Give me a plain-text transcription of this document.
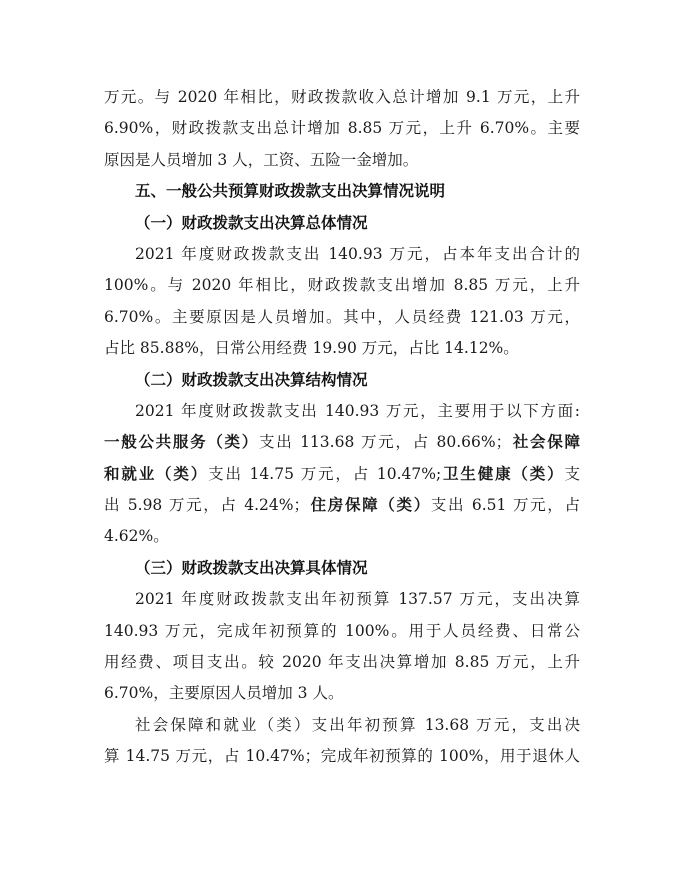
万元。与 2020 年相比，财政拨款收入总计增加 9.1 万元，上升
6.90%，财政拨款支出总计增加 8.85 万元，上升 6.70%。主要
原因是人员增加 3 人，工资、五险一金增加。
五、一般公共预算财政拨款支出决算情况说明
（一）财政拨款支出决算总体情况
2021 年度财政拨款支出 140.93 万元，占本年支出合计的
100%。与 2020 年相比，财政拨款支出增加 8.85 万元，上升
6.70%。主要原因是人员增加。其中，人员经费 121.03 万元，
占比 85.88%，日常公用经费 19.90 万元，占比 14.12%。
（二）财政拨款支出决算结构情况
2021 年度财政拨款支出 140.93 万元，主要用于以下方面:
一般公共服务（类）支出 113.68 万元，占 80.66%；社会保障
和就业（类）支出 14.75 万元，占 10.47%;卫生健康（类）支
出 5.98 万元，占 4.24%；住房保障（类）支出 6.51 万元，占
4.62%。
（三）财政拨款支出决算具体情况
2021 年度财政拨款支出年初预算 137.57 万元，支出决算
140.93 万元，完成年初预算的 100%。用于人员经费、日常公
用经费、项目支出。较 2020 年支出决算增加 8.85 万元，上升
6.70%，主要原因人员增加 3 人。
社会保障和就业（类）支出年初预算 13.68 万元，支出决
算 14.75 万元，占 10.47%；完成年初预算的 100%，用于退休人
